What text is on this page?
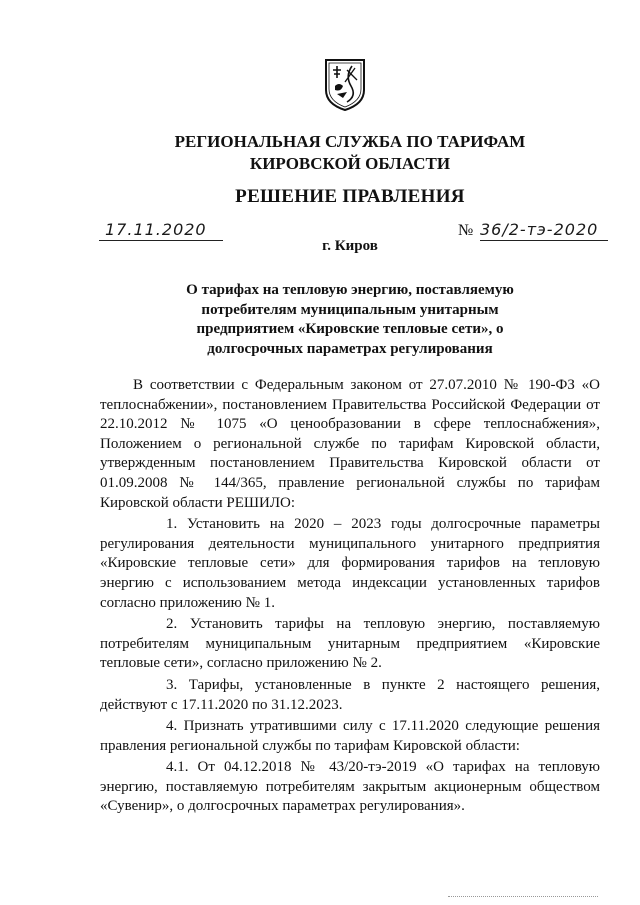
РЕГИОНАЛЬНАЯ СЛУЖБА ПО ТАРИФАМ
КИРОВСКОЙ ОБЛАСТИ
РЕШЕНИЕ ПРАВЛЕНИЯ
17.11.2020	№ 36/2-тэ-2020
г. Киров
О тарифах на тепловую энергию, поставляемую
потребителям муниципальным унитарным
предприятием «Кировские тепловые сети», о
долгосрочных параметрах регулирования

В соответствии с Федеральным законом от 27.07.2010 № 190-ФЗ «О теплоснабжении», постановлением Правительства Российской Федерации от 22.10.2012 № 1075 «О ценообразовании в сфере теплоснабжения», Положением о региональной службе по тарифам Кировской области, утвержденным постановлением Правительства Кировской области от 01.09.2008 № 144/365, правление региональной службы по тарифам Кировской области РЕШИЛО:

1. Установить на 2020 – 2023 годы долгосрочные параметры регулирования деятельности муниципального унитарного предприятия «Кировские тепловые сети» для формирования тарифов на тепловую энергию с использованием метода индексации установленных тарифов согласно приложению № 1.

2. Установить тарифы на тепловую энергию, поставляемую потребителям муниципальным унитарным предприятием «Кировские тепловые сети», согласно приложению № 2.

3. Тарифы, установленные в пункте 2 настоящего решения, действуют с 17.11.2020 по 31.12.2023.

4. Признать утратившими силу с 17.11.2020 следующие решения правления региональной службы по тарифам Кировской области:

4.1. От 04.12.2018 № 43/20-тэ-2019 «О тарифах на тепловую энергию, поставляемую потребителям закрытым акционерным обществом «Сувенир», о долгосрочных параметрах регулирования».
